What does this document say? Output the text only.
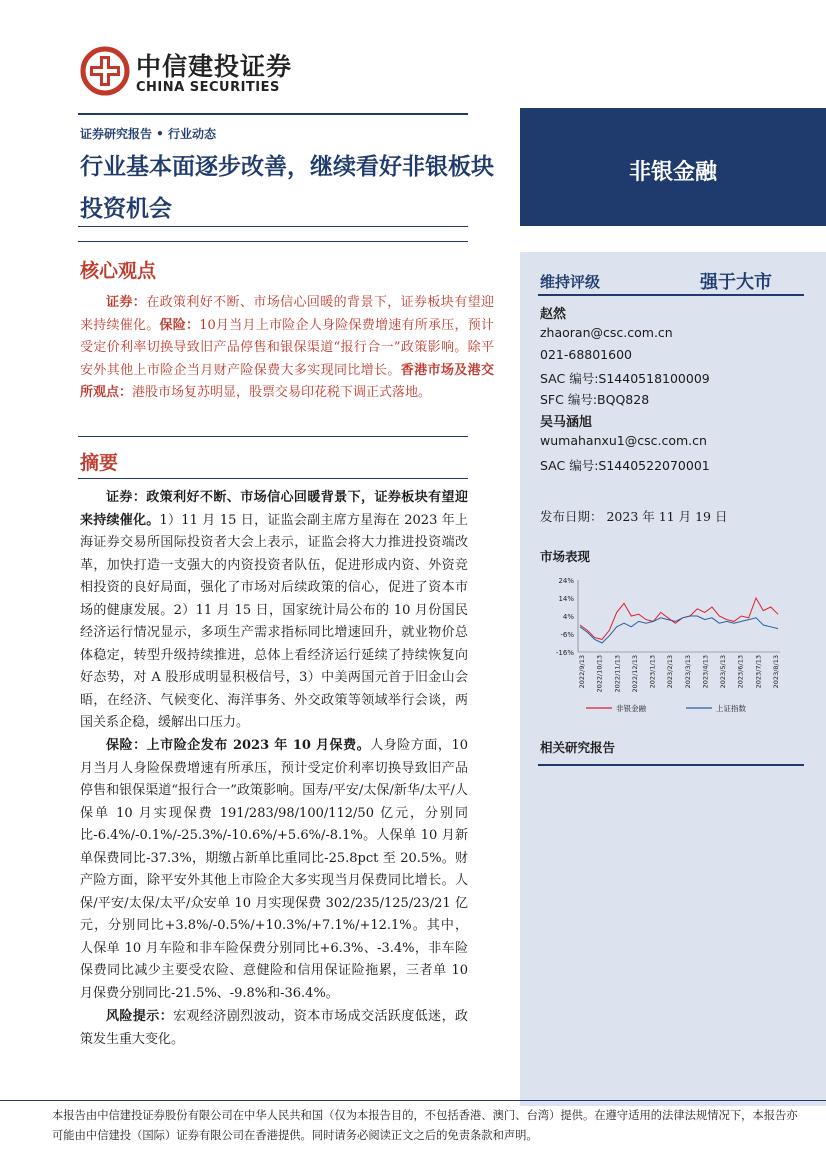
中信建投证券
CHINA SECURITIES
证券研究报告 • 行业动态
行业基本面逐步改善，继续看好非银板块投资机会
非银金融
核心观点
证券：在政策利好不断、市场信心回暖的背景下，证券板块有望迎来持续催化。保险：10月当月上市险企人身险保费增速有所承压，预计受定价利率切换导致旧产品停售和银保渠道“报行合一”政策影响。除平安外其他上市险企当月财产险保费大多实现同比增长。香港市场及港交所观点：港股市场复苏明显，股票交易印花税下调正式落地。
摘要
证券：政策利好不断、市场信心回暖背景下，证券板块有望迎来持续催化。1）11 月 15 日，证监会副主席方星海在 2023 年上海证券交易所国际投资者大会上表示，证监会将大力推进投资端改革，加快打造一支强大的内资投资者队伍，促进形成内资、外资竞相投资的良好局面，强化了市场对后续政策的信心，促进了资本市场的健康发展。2）11 月 15 日，国家统计局公布的 10 月份国民经济运行情况显示，多项生产需求指标同比增速回升，就业物价总体稳定，转型升级持续推进，总体上看经济运行延续了持续恢复向好态势，对 A 股形成明显积极信号，3）中美两国元首于旧金山会晤，在经济、气候变化、海洋事务、外交政策等领域举行会谈，两国关系企稳，缓解出口压力。
保险：上市险企发布 2023 年 10 月保费。人身险方面，10 月当月人身险保费增速有所承压，预计受定价利率切换导致旧产品停售和银保渠道“报行合一”政策影响。国寿/平安/太保/新华/太平/人保单 10 月实现保费 191/283/98/100/112/50 亿元，分别同比-6.4%/-0.1%/-25.3%/-10.6%/+5.6%/-8.1%。人保单 10 月新单保费同比-37.3%，期缴占新单比重同比-25.8pct 至 20.5%。财产险方面，除平安外其他上市险企大多实现当月保费同比增长。人保/平安/太保/太平/众安单 10 月实现保费 302/235/125/23/21 亿元，分别同比+3.8%/-0.5%/+10.3%/+7.1%/+12.1%。其中，人保单 10 月车险和非车险保费分别同比+6.3%、-3.4%，非车险保费同比减少主要受农险、意健险和信用保证险拖累，三者单 10 月保费分别同比-21.5%、-9.8%和-36.4%。
风险提示：宏观经济剧烈波动，资本市场成交活跃度低迷，政策发生重大变化。
维持评级	强于大市
赵然
zhaoran@csc.com.cn
021-68801600
SAC 编号:S1440518100009
SFC 编号:BQQ828
吴马涵旭
wumahanxu1@csc.com.cn
SAC 编号:S1440522070001
发布日期： 2023 年 11 月 19 日
市场表现
24%
14%
4%
-6%
-16%
2022/9/13 2022/10/13 2022/11/13 2022/12/13 2023/1/13 2023/2/13 2023/3/13 2023/4/13 2023/5/13 2023/6/13 2023/7/13 2023/8/13
非银金融	上证指数
相关研究报告
本报告由中信建投证券股份有限公司在中华人民共和国（仅为本报告目的，不包括香港、澳门、台湾）提供。在遵守适用的法律法规情况下，本报告亦可能由中信建投（国际）证券有限公司在香港提供。同时请务必阅读正文之后的免责条款和声明。
